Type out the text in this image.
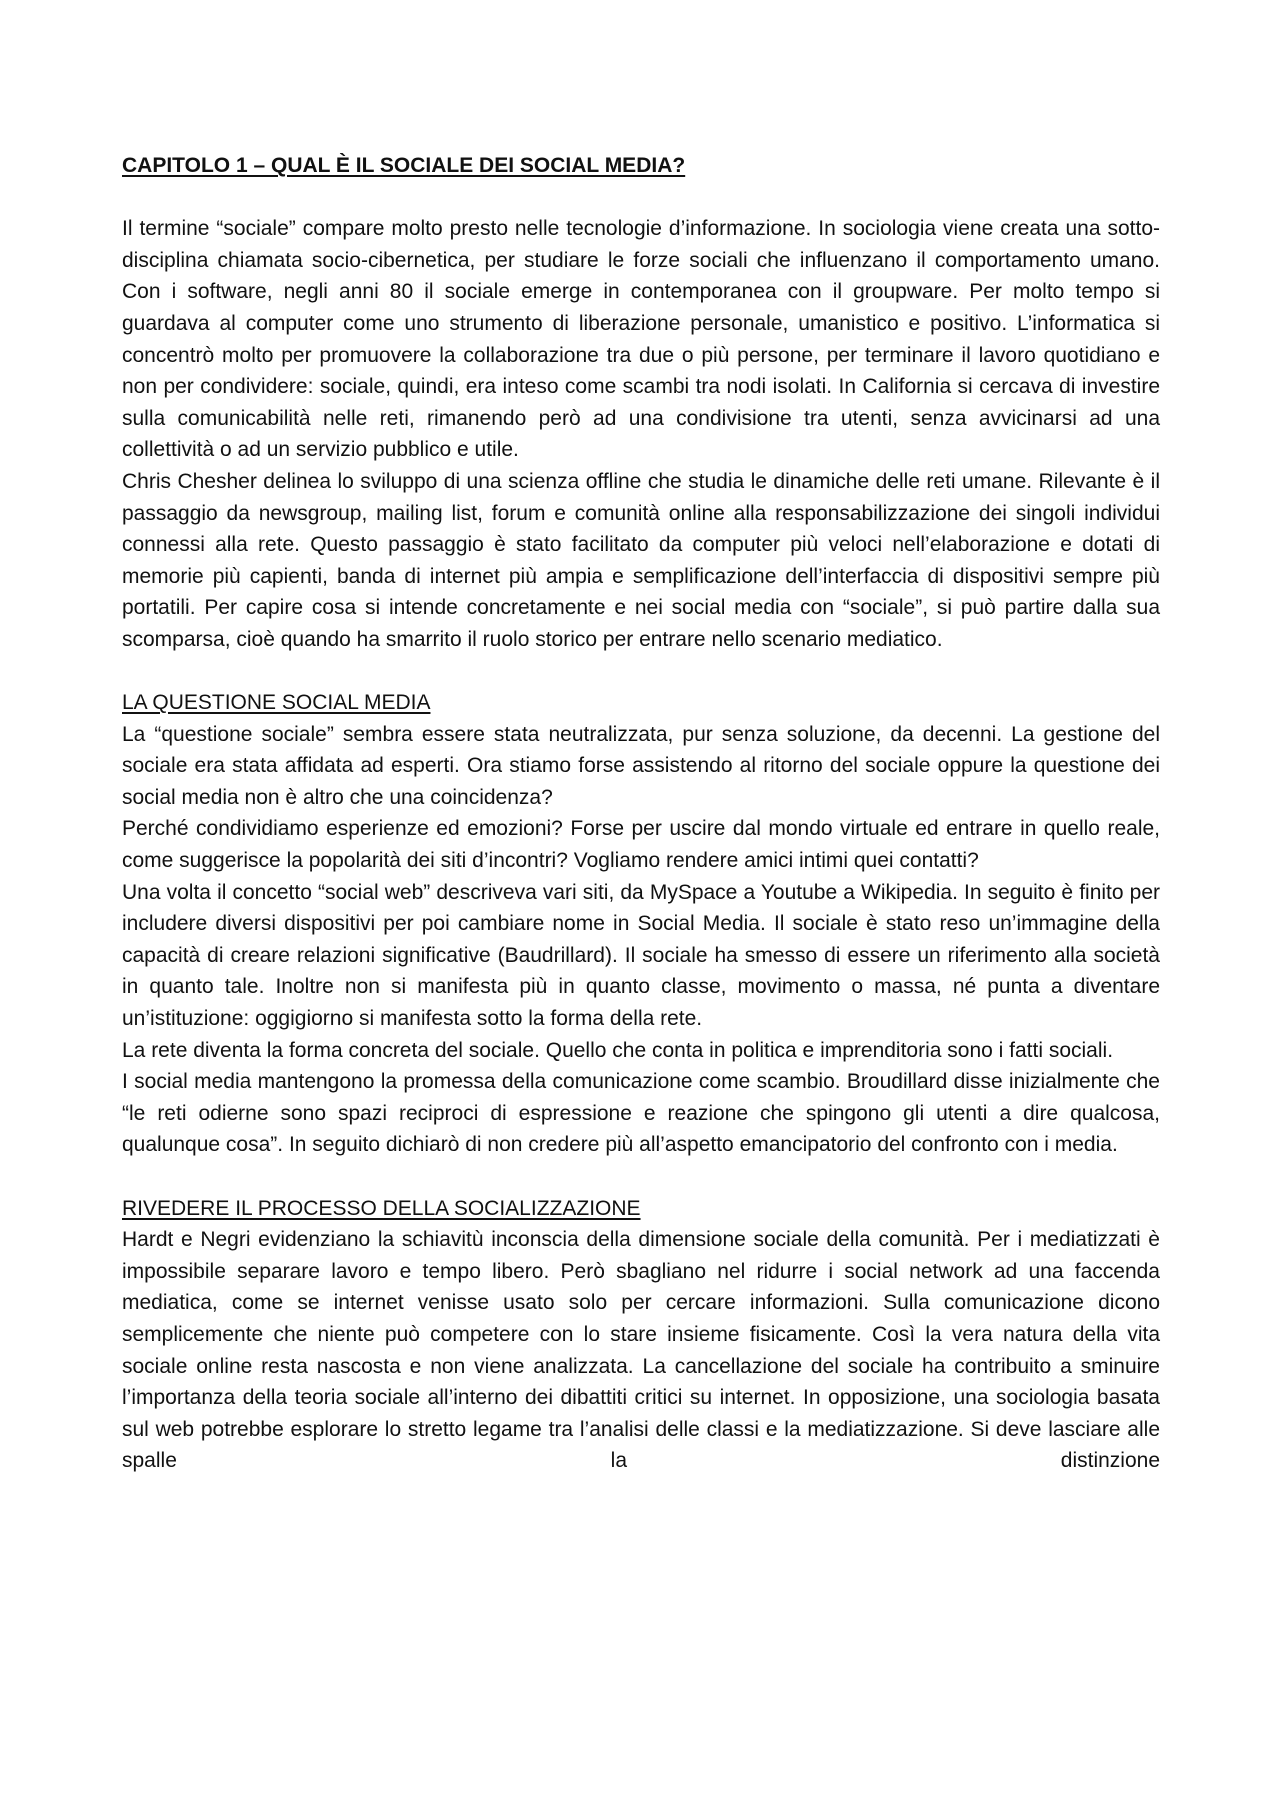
CAPITOLO 1 – QUAL È IL SOCIALE DEI SOCIAL MEDIA?

Il termine “sociale” compare molto presto nelle tecnologie d’informazione. In sociologia viene creata una sotto-disciplina chiamata socio-cibernetica, per studiare le forze sociali che influenzano il comportamento umano. Con i software, negli anni 80 il sociale emerge in contemporanea con il groupware. Per molto tempo si guardava al computer come uno strumento di liberazione personale, umanistico e positivo. L’informatica si concentrò molto per promuovere la collaborazione tra due o più persone, per terminare il lavoro quotidiano e non per condividere: sociale, quindi, era inteso come scambi tra nodi isolati. In California si cercava di investire sulla comunicabilità nelle reti, rimanendo però ad una condivisione tra utenti, senza avvicinarsi ad una collettività o ad un servizio pubblico e utile.

Chris Chesher delinea lo sviluppo di una scienza offline che studia le dinamiche delle reti umane. Rilevante è il passaggio da newsgroup, mailing list, forum e comunità online alla responsabilizzazione dei singoli individui connessi alla rete. Questo passaggio è stato facilitato da computer più veloci nell’elaborazione e dotati di memorie più capienti, banda di internet più ampia e semplificazione dell’interfaccia di dispositivi sempre più portatili. Per capire cosa si intende concretamente e nei social media con “sociale”, si può partire dalla sua scomparsa, cioè quando ha smarrito il ruolo storico per entrare nello scenario mediatico.

LA QUESTIONE SOCIAL MEDIA

La “questione sociale” sembra essere stata neutralizzata, pur senza soluzione, da decenni. La gestione del sociale era stata affidata ad esperti. Ora stiamo forse assistendo al ritorno del sociale oppure la questione dei social media non è altro che una coincidenza?

Perché condividiamo esperienze ed emozioni? Forse per uscire dal mondo virtuale ed entrare in quello reale, come suggerisce la popolarità dei siti d’incontri? Vogliamo rendere amici intimi quei contatti?

Una volta il concetto “social web” descriveva vari siti, da MySpace a Youtube a Wikipedia. In seguito è finito per includere diversi dispositivi per poi cambiare nome in Social Media. Il sociale è stato reso un’immagine della capacità di creare relazioni significative (Baudrillard). Il sociale ha smesso di essere un riferimento alla società in quanto tale. Inoltre non si manifesta più in quanto classe, movimento o massa, né punta a diventare un’istituzione: oggigiorno si manifesta sotto la forma della rete.

La rete diventa la forma concreta del sociale. Quello che conta in politica e imprenditoria sono i fatti sociali.

I social media mantengono la promessa della comunicazione come scambio. Broudillard disse inizialmente che “le reti odierne sono spazi reciproci di espressione e reazione che spingono gli utenti a dire qualcosa, qualunque cosa”. In seguito dichiarò di non credere più all’aspetto emancipatorio del confronto con i media.

RIVEDERE IL PROCESSO DELLA SOCIALIZZAZIONE

Hardt e Negri evidenziano la schiavitù inconscia della dimensione sociale della comunità. Per i mediatizzati è impossibile separare lavoro e tempo libero. Però sbagliano nel ridurre i social network ad una faccenda mediatica, come se internet venisse usato solo per cercare informazioni. Sulla comunicazione dicono semplicemente che niente può competere con lo stare insieme fisicamente. Così la vera natura della vita sociale online resta nascosta e non viene analizzata. La cancellazione del sociale ha contribuito a sminuire l’importanza della teoria sociale all’interno dei dibattiti critici su internet. In opposizione, una sociologia basata sul web potrebbe esplorare lo stretto legame tra l’analisi delle classi e la mediatizzazione. Si deve lasciare alle spalle la distinzione
